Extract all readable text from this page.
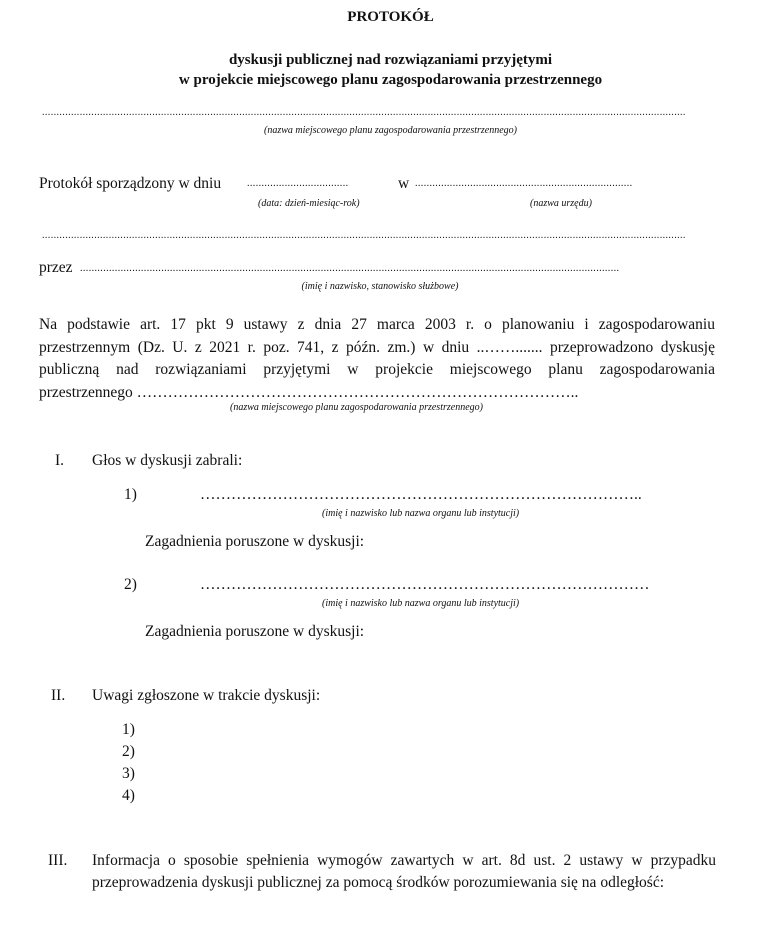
PROTOKÓŁ
dyskusji publicznej nad rozwiązaniami przyjętymi
w projekcie miejscowego planu zagospodarowania przestrzennego
..............................................................................................................................................................................................................................
(nazwa miejscowego planu zagospodarowania przestrzennego)
Protokół sporządzony w dniu	...................................	w ...........................................................................
(data: dzień-miesiąc-rok)	(nazwa urzędu)
..............................................................................................................................................................................................................................
przez ..........................................................................................................................................................................................
(imię i nazwisko, stanowisko służbowe)
Na podstawie art. 17 pkt 9 ustawy z dnia 27 marca 2003 r. o planowaniu i zagospodarowaniu
przestrzennym (Dz. U. z 2021 r. poz. 741, z późn. zm.) w dniu ..……....... przeprowadzono dyskusję
publiczną nad rozwiązaniami przyjętymi w projekcie miejscowego planu zagospodarowania
przestrzennego …………………………………………………………………………..
(nazwa miejscowego planu zagospodarowania przestrzennego)
I. Głos w dyskusji zabrali:
1)	…………………………………………………………………………..
(imię i nazwisko lub nazwa organu lub instytucji)
Zagadnienia poruszone w dyskusji:
2)	……………………………………………………………………………
(imię i nazwisko lub nazwa organu lub instytucji)
Zagadnienia poruszone w dyskusji:
II. Uwagi zgłoszone w trakcie dyskusji:
1)
2)
3)
4)
III. Informacja o sposobie spełnienia wymogów zawartych w art. 8d ust. 2 ustawy w przypadku
przeprowadzenia dyskusji publicznej za pomocą środków porozumiewania się na odległość:
